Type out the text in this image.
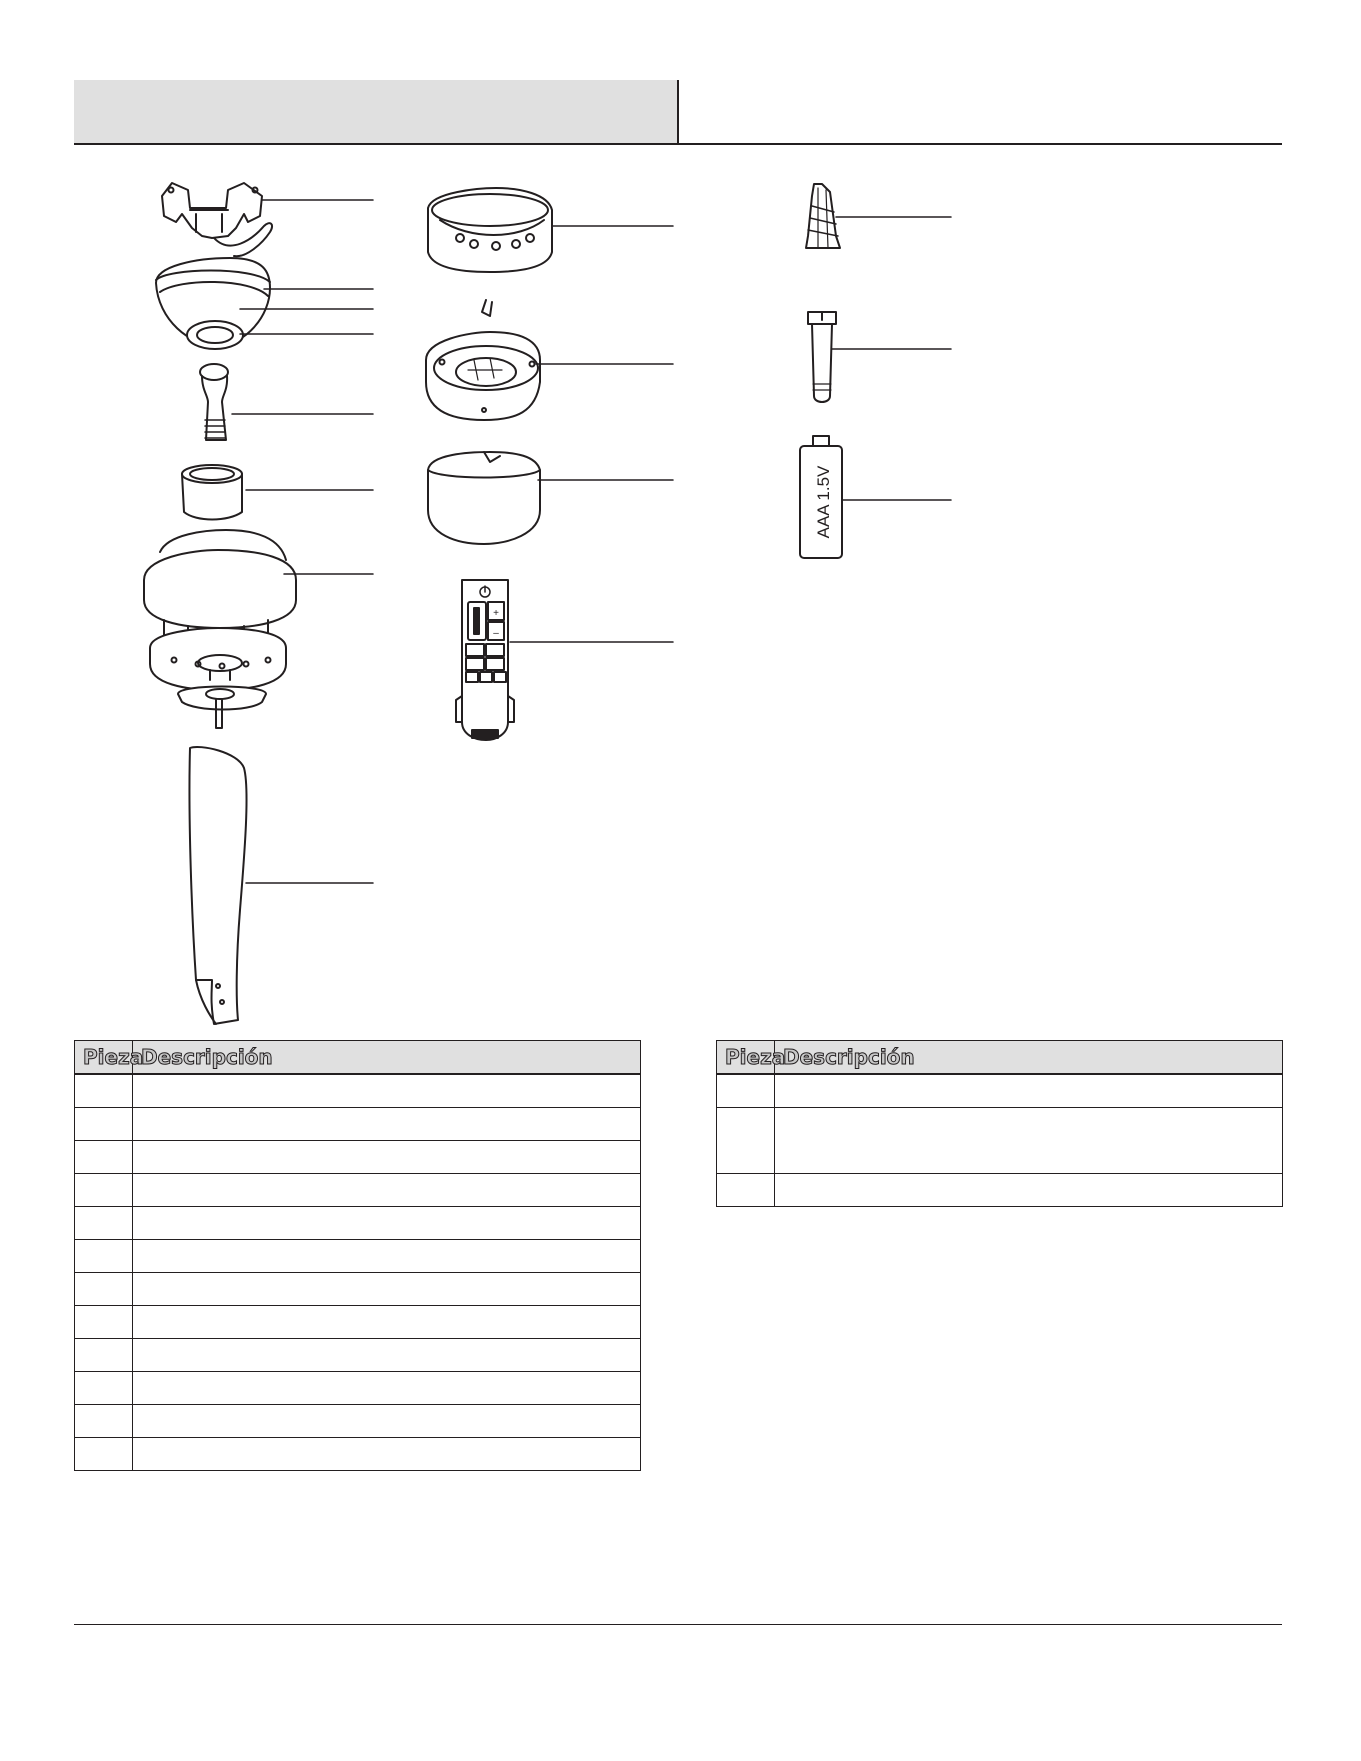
+
–
AAA 1.5V
Pieza	Descripción

		Pieza	Descripción
